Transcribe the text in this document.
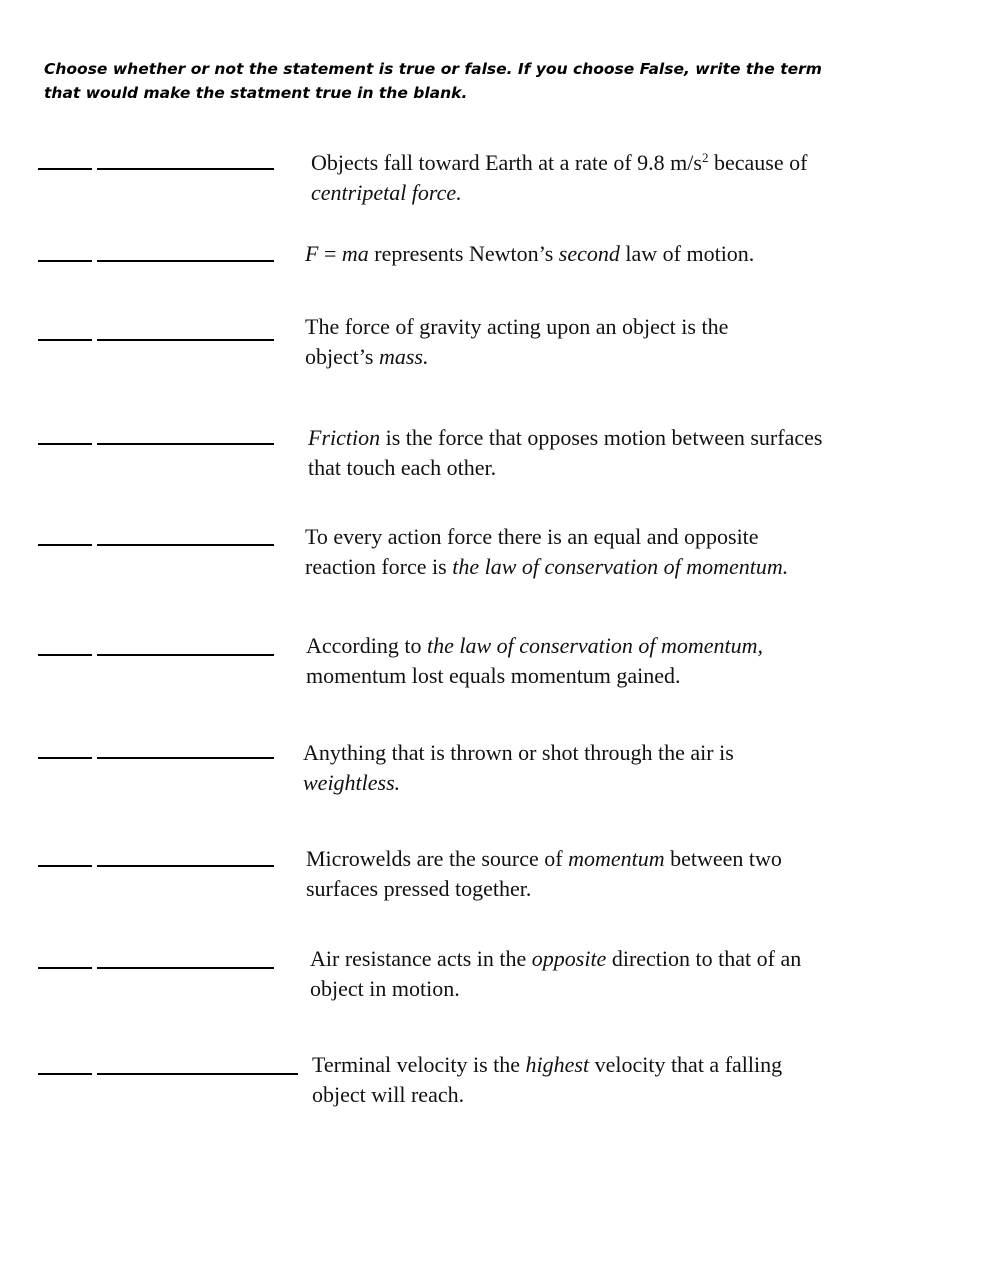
Choose whether or not the statement is true or false. If you choose False, write the term
that would make the statment true in the blank.
Objects fall toward Earth at a rate of 9.8 $m/s^2$ because of
centripetal force.
F = ma represents Newton’s second law of motion.
The force of gravity acting upon an object is the
object’s mass.
Friction is the force that opposes motion between surfaces
that touch each other.
To every action force there is an equal and opposite
reaction force is the law of conservation of momentum.
According to the law of conservation of momentum,
momentum lost equals momentum gained.
Anything that is thrown or shot through the air is
weightless.
Microwelds are the source of momentum between two
surfaces pressed together.
Air resistance acts in the opposite direction to that of an
object in motion.
Terminal velocity is the highest velocity that a falling
object will reach.
